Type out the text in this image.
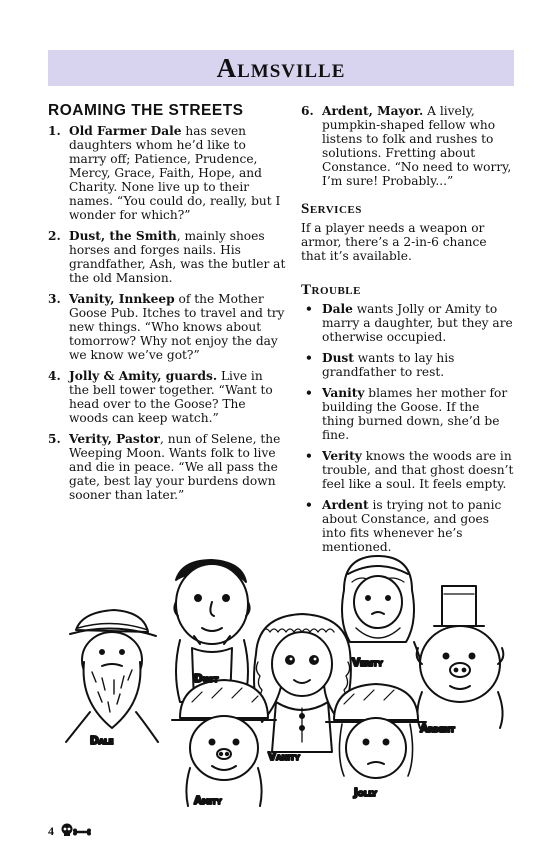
Almsville
ROAMING THE STREETS
1. Old Farmer Dale has seven daughters whom he’d like to marry off; Patience, Prudence, Mercy, Grace, Faith, Hope, and Charity. None live up to their names. “You could do, really, but I wonder for which?”
2. Dust, the Smith, mainly shoes horses and forges nails. His grandfather, Ash, was the butler at the old Mansion.
3. Vanity, Innkeep of the Mother Goose Pub. Itches to travel and try new things. “Who knows about tomorrow? Why not enjoy the day we know we’ve got?”
4. Jolly & Amity, guards. Live in the bell tower together. “Want to head over to the Goose? The woods can keep watch.”
5. Verity, Pastor, nun of Selene, the Weeping Moon. Wants folk to live and die in peace. “We all pass the gate, best lay your burdens down sooner than later.”
6. Ardent, Mayor. A lively, pumpkin-shaped fellow who listens to folk and rushes to solutions. Fretting about Constance. “No need to worry, I’m sure! Probably...”
Services

If a player needs a weapon or armor, there’s a 2-in-6 chance that it’s available.

Trouble
• Dale wants Jolly or Amity to marry a daughter, but they are otherwise occupied.
• Dust wants to lay his grandfather to rest.
• Vanity blames her mother for building the Goose. If the thing burned down, she’d be fine.
• Verity knows the woods are in trouble, and that ghost doesn’t feel like a soul. It feels empty.
• Ardent is trying not to panic about Constance, and goes into fits whenever he’s mentioned.
Dale
Dust
Verity
Vanity
Ardent
Amity
Jolly
4
